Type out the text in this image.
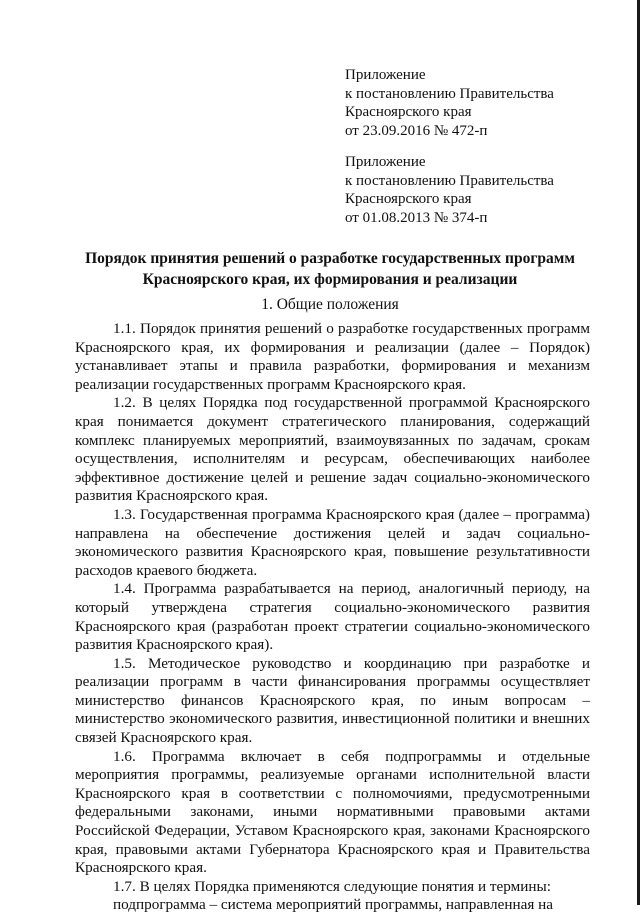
Приложение
к постановлению Правительства
Красноярского края
от 23.09.2016 № 472-п
Приложение
к постановлению Правительства
Красноярского края
от 01.08.2013 № 374-п
Порядок принятия решений о разработке государственных программ
Красноярского края, их формирования и реализации
1. Общие положения

1.1. Порядок принятия решений о разработке государственных программ Красноярского края, их формирования и реализации (далее – Порядок) устанавливает этапы и правила разработки, формирования и механизм реализации государственных программ Красноярского края.

1.2. В целях Порядка под государственной программой Красноярского края понимается документ стратегического планирования, содержащий комплекс планируемых мероприятий, взаимоувязанных по задачам, срокам осуществления, исполнителям и ресурсам, обеспечивающих наиболее эффективное достижение целей и решение задач социально-экономического развития Красноярского края.

1.3. Государственная программа Красноярского края (далее – программа) направлена на обеспечение достижения целей и задач социально-экономического развития Красноярского края, повышение результативности расходов краевого бюджета.

1.4. Программа разрабатывается на период, аналогичный периоду, на который утверждена стратегия социально-экономического развития Красноярского края (разработан проект стратегии социально-экономического развития Красноярского края).

1.5. Методическое руководство и координацию при разработке и реализации программ в части финансирования программы осуществляет министерство финансов Красноярского края, по иным вопросам – министерство экономического развития, инвестиционной политики и внешних связей Красноярского края.

1.6. Программа включает в себя подпрограммы и отдельные мероприятия программы, реализуемые органами исполнительной власти Красноярского края в соответствии с полномочиями, предусмотренными федеральными законами, иными нормативными правовыми актами Российской Федерации, Уставом Красноярского края, законами Красноярского края, правовыми актами Губернатора Красноярского края и Правительства Красноярского края.

1.7. В целях Порядка применяются следующие понятия и термины:

подпрограмма – система мероприятий программы, направленная на
